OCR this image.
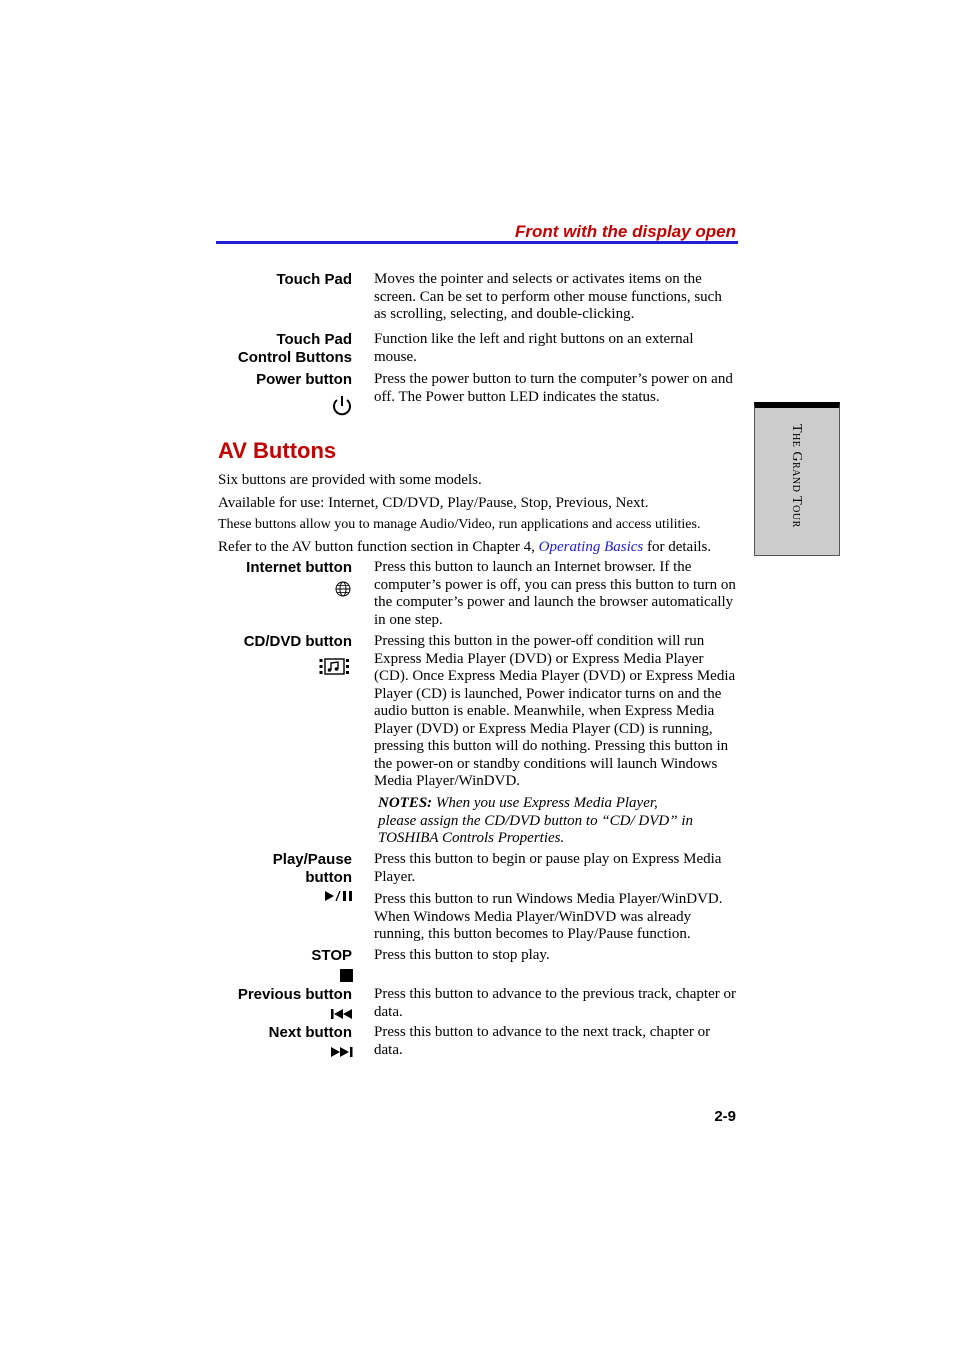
Front with the display open
The Grand Tour
Touch Pad Moves the pointer and selects or activates items on the screen. Can be set to perform other mouse functions, such as scrolling, selecting, and double-clicking.
Touch Pad
Control Buttons
Function like the left and right buttons on an external mouse.
Power button Press the power button to turn the computer’s power on and off. The Power button LED indicates the status.
AV Buttons
Six buttons are provided with some models.
Available for use: Internet, CD/DVD, Play/Pause, Stop, Previous, Next.
These buttons allow you to manage Audio/Video, run applications and access utilities.
Refer to the AV button function section in Chapter 4, Operating Basics for details.
Internet button Press this button to launch an Internet browser. If the computer’s power is off, you can press this button to turn on the computer’s power and launch the browser automatically in one step.
CD/DVD button Pressing this button in the power-off condition will run Express Media Player (DVD) or Express Media Player (CD). Once Express Media Player (DVD) or Express Media Player (CD) is launched, Power indicator turns on and the audio button is enable. Meanwhile, when Express Media Player (DVD) or Express Media Player (CD) is running, pressing this button will do nothing. Pressing this button in the power-on or standby conditions will launch Windows Media Player/WinDVD.
NOTES: When you use Express Media Player, please assign the CD/DVD button to “CD/ DVD” in TOSHIBA Controls Properties.
Play/Pause
button
Press this button to begin or pause play on Express Media Player.
Press this button to run Windows Media Player/WinDVD. When Windows Media Player/WinDVD was already running, this button becomes to Play/Pause function.
STOP Press this button to stop play.
Previous button Press this button to advance to the previous track, chapter or data.
Next button Press this button to advance to the next track, chapter or data.
2-9
